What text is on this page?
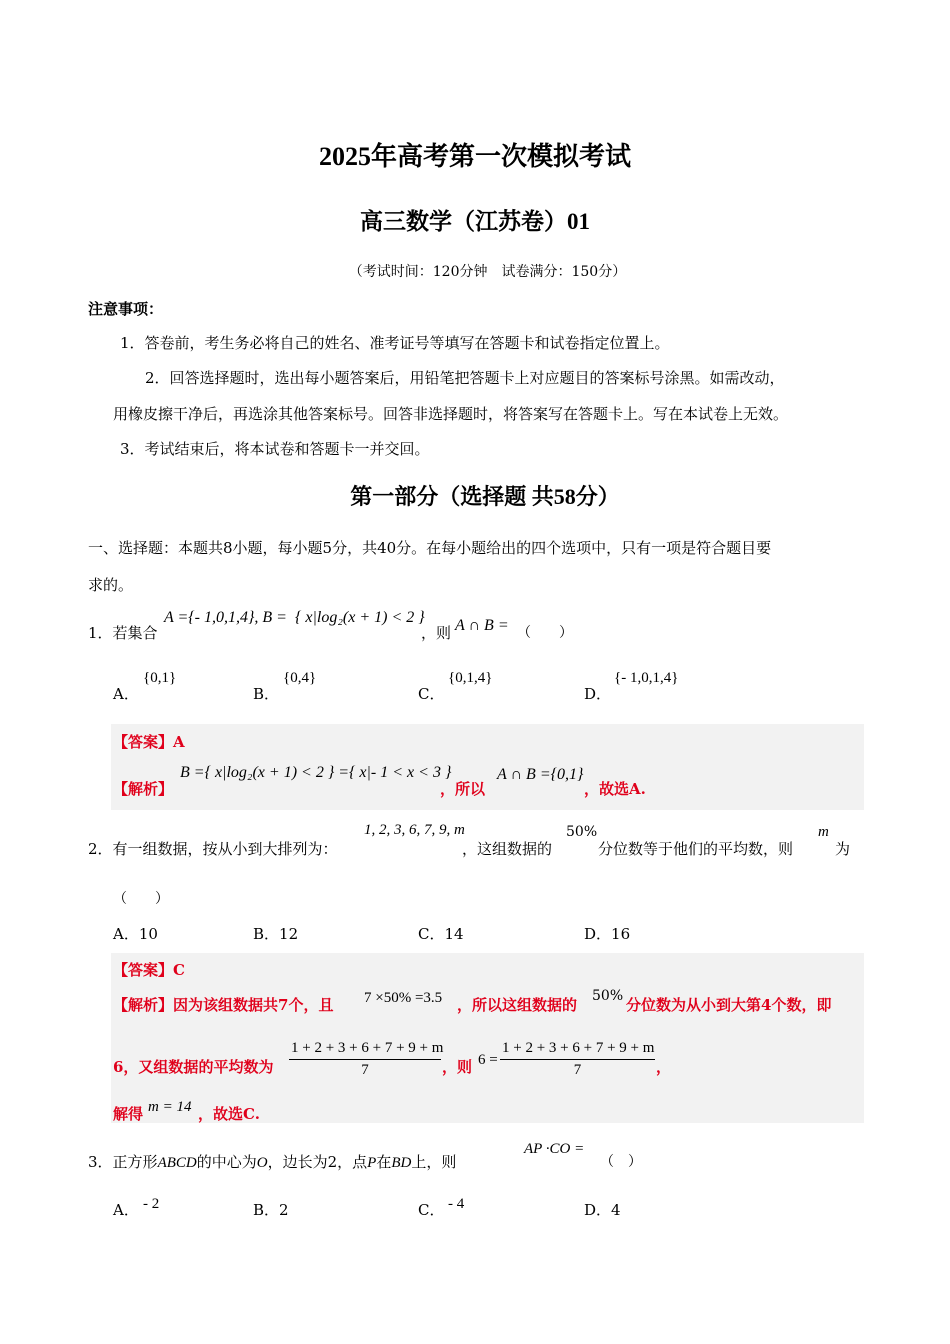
2025年高考第一次模拟考试
高三数学（江苏卷）01
（考试时间：120分钟　试卷满分：150分）
注意事项：
1．答卷前，考生务必将自己的姓名、准考证号等填写在答题卡和试卷指定位置上。
2．回答选择题时，选出每小题答案后，用铅笔把答题卡上对应题目的答案标号涂黑。如需改动，
用橡皮擦干净后，再选涂其他答案标号。回答非选择题时，将答案写在答题卡上。写在本试卷上无效。
3．考试结束后，将本试卷和答题卡一并交回。
第一部分（选择题 共58分）
一、选择题：本题共8小题，每小题5分，共40分。在每小题给出的四个选项中，只有一项是符合题目要
求的。
1．若集合
A ={- 1,0,1,4}, B = { x|log₂(x + 1) < 2 }
，则 A ∩ B = （　　）
A．
{0,1}
B．
{0,4}
C．
{0,1,4}
D．
{- 1,0,1,4}
【答案】A
【解析】
B ={ x|log₂(x + 1) < 2 } ={ x|- 1 < x < 3 }
，所以
A ∩ B ={0,1}
，故选A.
2．有一组数据，按从小到大排列为：
1, 2, 3, 6, 7, 9, m
，这组数据的
50%
分位数等于他们的平均数，则
m
为
（　　）
A．10	B．12	C．14	D．16
【答案】C
【解析】因为该组数据共7个，且 7 ×50% =3.5 ，所以这组数据的 50% 分位数为从小到大第4个数，即
6，又组数据的平均数为 $\frac{1 + 2 + 3 + 6 + 7 + 9 + m}{7}$ ，则 $6 = \frac{1 + 2 + 3 + 6 + 7 + 9 + m}{7}$ ，
解得 m = 14 ，故选C.
3．正方形ABCD的中心为O，边长为2，点P在BD上，则
AP ·CO =
（　）
A． - 2	B．2	C． - 4	D．4
